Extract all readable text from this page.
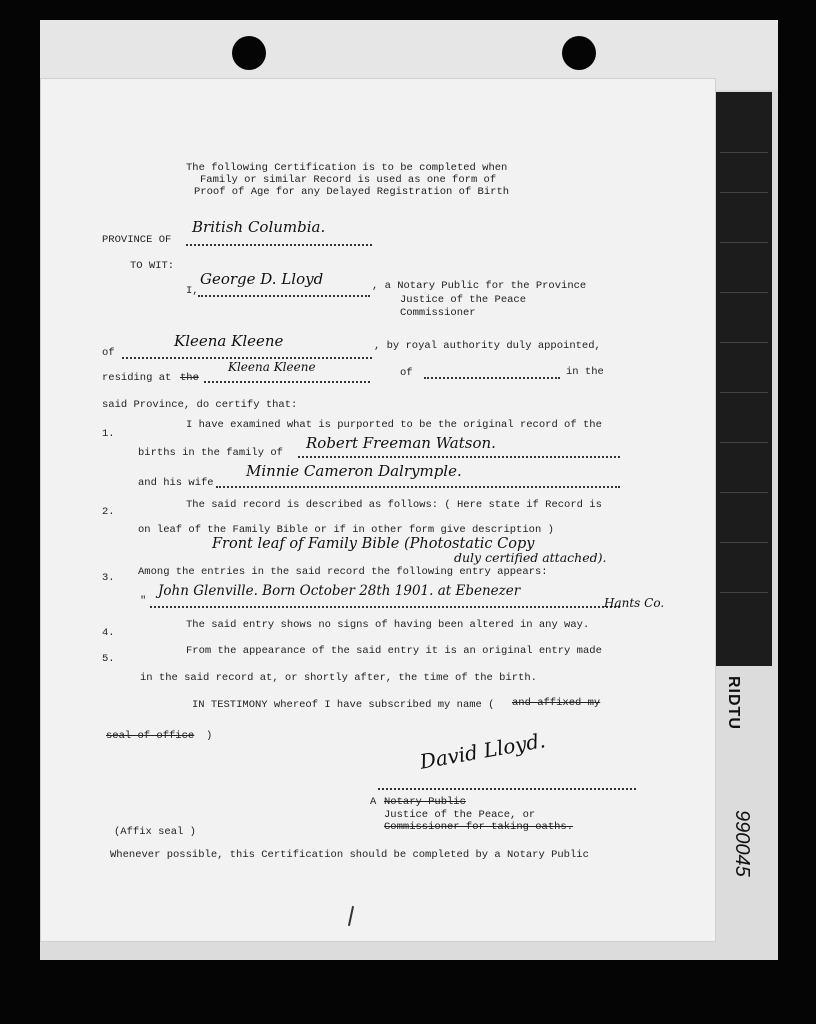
RIDTU
990045
The following Certification is to be completed when
Family or similar Record is used as one form of
Proof of Age for any Delayed Registration of Birth
PROVINCE OF
British Columbia.
TO WIT:
I,
George D. Lloyd	, a Notary Public for the Province
Justice of the Peace
Commissioner
of
Kleena Kleene	, by royal authority duly appointed,
residing at the
Kleena Kleene	of	in the
said Province, do certify that:
1.
I have examined what is purported to be the original record of the
births in the family of
Robert Freeman Watson.
and his wife
Minnie Cameron Dalrymple.
2.
The said record is described as follows: ( Here state if Record is
on leaf of the Family Bible or if in other form give description )
Front leaf of Family Bible (Photostatic Copy
duly certified attached).
3. Among the entries in the said record the following entry appears:
"
John Glenville. Born October 28th 1901. at Ebenezer
Hants Co.
4.
The said entry shows no signs of having been altered in any way.
5.
From the appearance of the said entry it is an original entry made
in the said record at, or shortly after, the time of the birth.
IN TESTIMONY whereof I have subscribed my name ( and affixed my
seal of office )	David Lloyd.
A Notary Public
Justice of the Peace, or
Commissioner for taking oaths.
(Affix seal )
Whenever possible, this Certification should be completed by a Notary Public
